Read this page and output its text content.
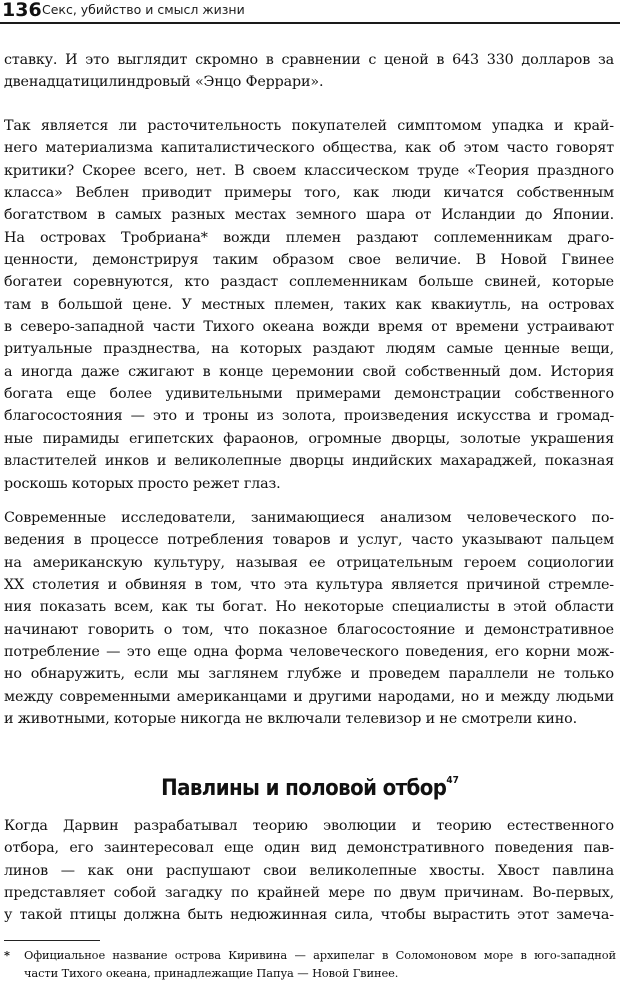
136 Секс, убийство и смысл жизни
ставку. И это выглядит скромно в сравнении с ценой в 643 330 долларов за
двенадцатицилиндровый «Энцо Феррари».
Так является ли расточительность покупателей симптомом упадка и край-
него материализма капиталистического общества, как об этом часто говорят
критики? Скорее всего, нет. В своем классическом труде «Теория праздного
класса» Веблен приводит примеры того, как люди кичатся собственным
богатством в самых разных местах земного шара от Исландии до Японии.
На островах Тробриана* вожди племен раздают соплеменникам драго-
ценности, демонстрируя таким образом свое величие. В Новой Гвинее
богатеи соревнуются, кто раздаст соплеменникам больше свиней, которые
там в большой цене. У местных племен, таких как квакиутль, на островах
в северо-западной части Тихого океана вожди время от времени устраивают
ритуальные празднества, на которых раздают людям самые ценные вещи,
а иногда даже сжигают в конце церемонии свой собственный дом. История
богата еще более удивительными примерами демонстрации собственного
благосостояния — это и троны из золота, произведения искусства и громад-
ные пирамиды египетских фараонов, огромные дворцы, золотые украшения
властителей инков и великолепные дворцы индийских махараджей, показная
роскошь которых просто режет глаз.
Современные исследователи, занимающиеся анализом человеческого по-
ведения в процессе потребления товаров и услуг, часто указывают пальцем
на американскую культуру, называя ее отрицательным героем социологии
XX столетия и обвиняя в том, что эта культура является причиной стремле-
ния показать всем, как ты богат. Но некоторые специалисты в этой области
начинают говорить о том, что показное благосостояние и демонстративное
потребление — это еще одна форма человеческого поведения, его корни мож-
но обнаружить, если мы заглянем глубже и проведем параллели не только
между современными американцами и другими народами, но и между людьми
и животными, которые никогда не включали телевизор и не смотрели кино.
Павлины и половой отбор$^{47}$
Когда Дарвин разрабатывал теорию эволюции и теорию естественного
отбора, его заинтересовал еще один вид демонстративного поведения пав-
линов — как они распушают свои великолепные хвосты. Хвост павлина
представляет собой загадку по крайней мере по двум причинам. Во-первых,
у такой птицы должна быть недюжинная сила, чтобы вырастить этот замеча-
* Официальное название острова Киривина — архипелаг в Соломоновом море в юго-западной
части Тихого океана, принадлежащие Папуа — Новой Гвинее.
